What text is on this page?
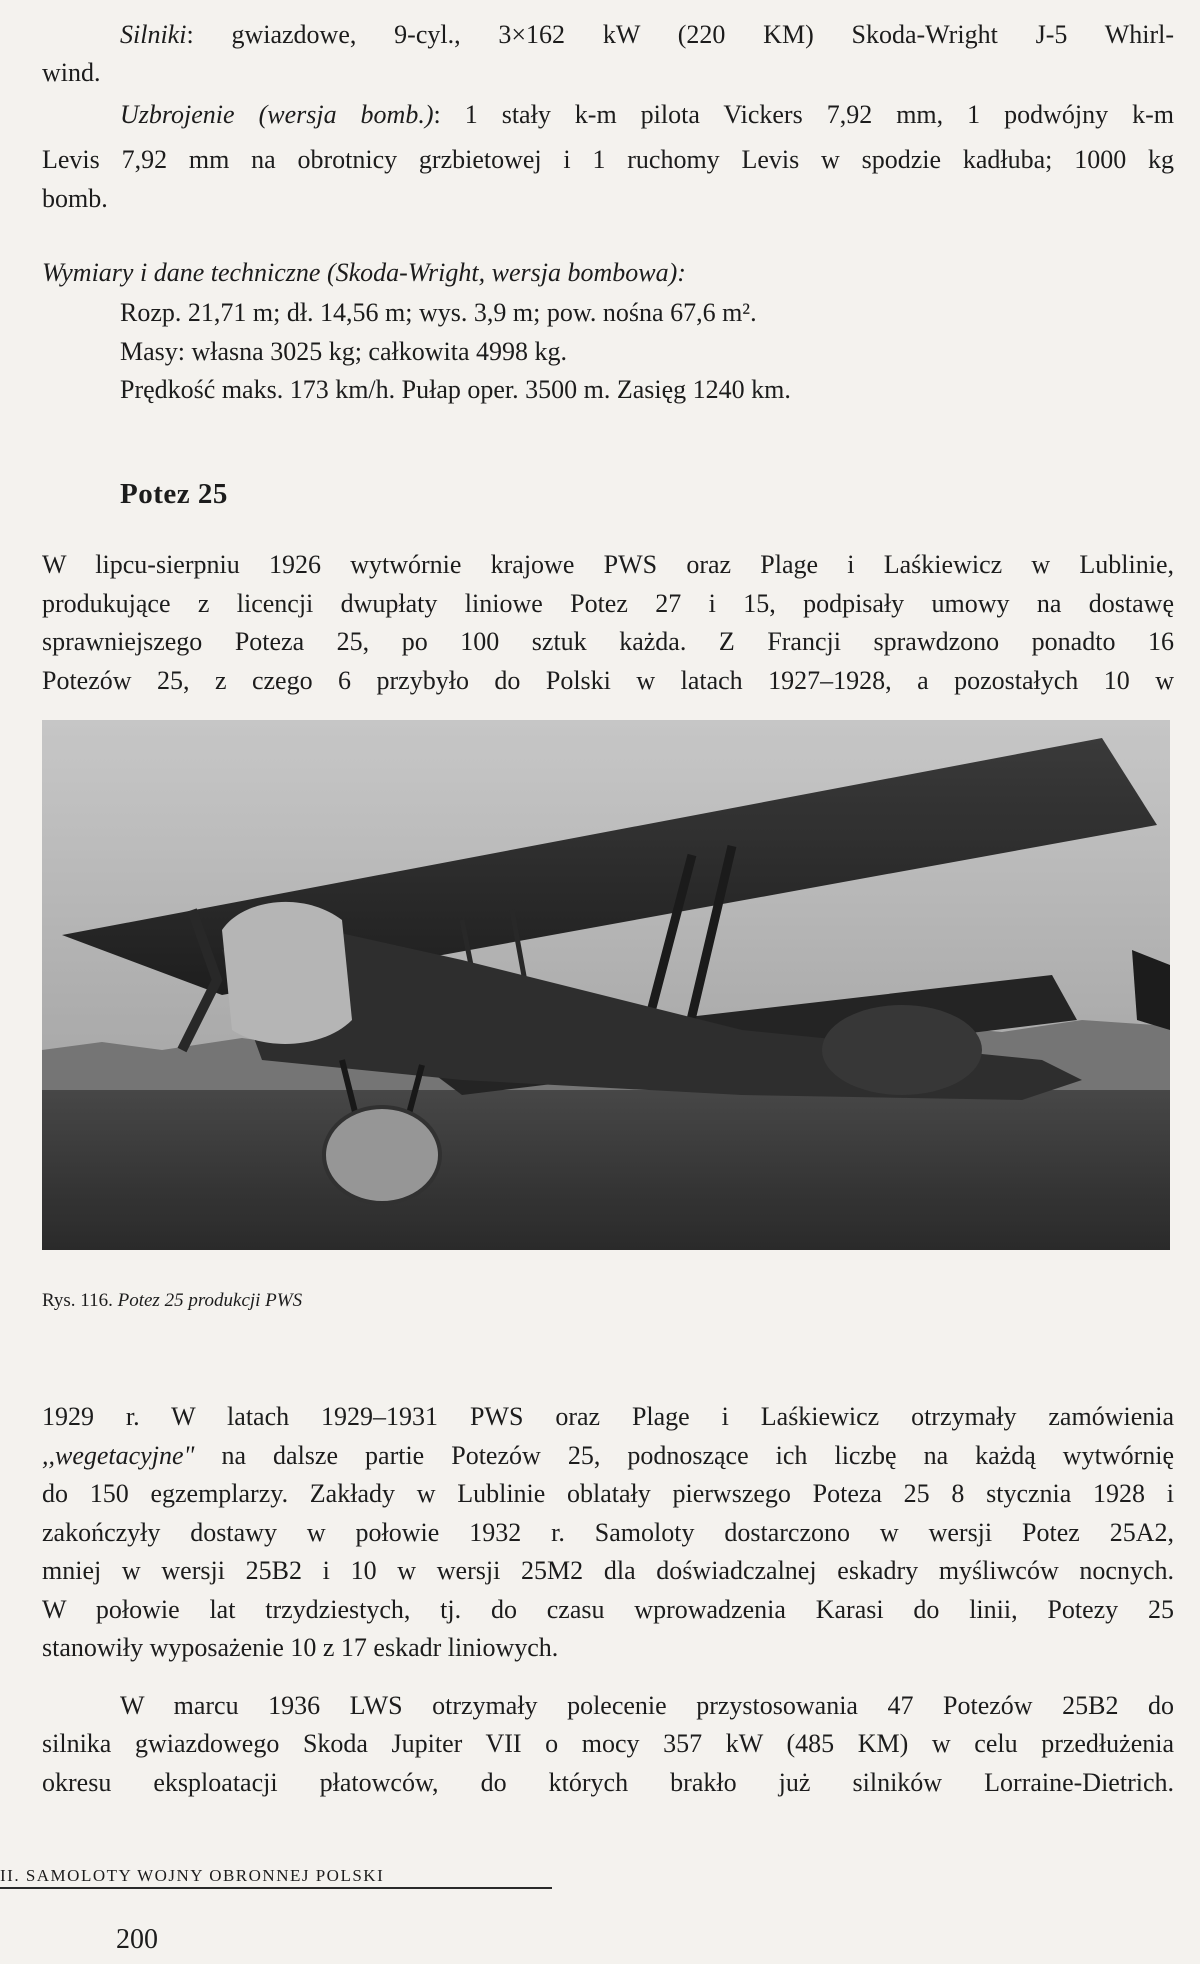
Silniki: gwiazdowe, 9-cyl., 3×162 kW (220 KM) Skoda-Wright J-5 Whirl-
wind.
Uzbrojenie (wersja bomb.): 1 stały k-m pilota Vickers 7,92 mm, 1 podwójny k-m
Levis 7,92 mm na obrotnicy grzbietowej i 1 ruchomy Levis w spodzie kadłuba; 1000 kg
bomb.
Wymiary i dane techniczne (Skoda-Wright, wersja bombowa):
Rozp. 21,71 m; dł. 14,56 m; wys. 3,9 m; pow. nośna 67,6 m².
Masy: własna 3025 kg; całkowita 4998 kg.
Prędkość maks. 173 km/h. Pułap oper. 3500 m. Zasięg 1240 km.
Potez 25
W lipcu-sierpniu 1926 wytwórnie krajowe PWS oraz Plage i Laśkiewicz w Lublinie,
produkujące z licencji dwupłaty liniowe Potez 27 i 15, podpisały umowy na dostawę
sprawniejszego Poteza 25, po 100 sztuk każda. Z Francji sprawdzono ponadto 16
Potezów 25, z czego 6 przybyło do Polski w latach 1927–1928, a pozostałych 10 w

Rys. 116. Potez 25 produkcji PWS

1929 r. W latach 1929–1931 PWS oraz Plage i Laśkiewicz otrzymały zamówienia
,,wegetacyjne" na dalsze partie Potezów 25, podnoszące ich liczbę na każdą wytwórnię
do 150 egzemplarzy. Zakłady w Lublinie oblatały pierwszego Poteza 25 8 stycznia 1928 i
zakończyły dostawy w połowie 1932 r. Samoloty dostarczono w wersji Potez 25A2,
mniej w wersji 25B2 i 10 w wersji 25M2 dla doświadczalnej eskadry myśliwców nocnych.
W połowie lat trzydziestych, tj. do czasu wprowadzenia Karasi do linii, Potezy 25
stanowiły wyposażenie 10 z 17 eskadr liniowych.
W marcu 1936 LWS otrzymały polecenie przystosowania 47 Potezów 25B2 do
silnika gwiazdowego Skoda Jupiter VII o mocy 357 kW (485 KM) w celu przedłużenia
okresu eksploatacji płatowców, do których brakło już silników Lorraine-Dietrich.

II. SAMOLOTY WOJNY OBRONNEJ POLSKI

200
